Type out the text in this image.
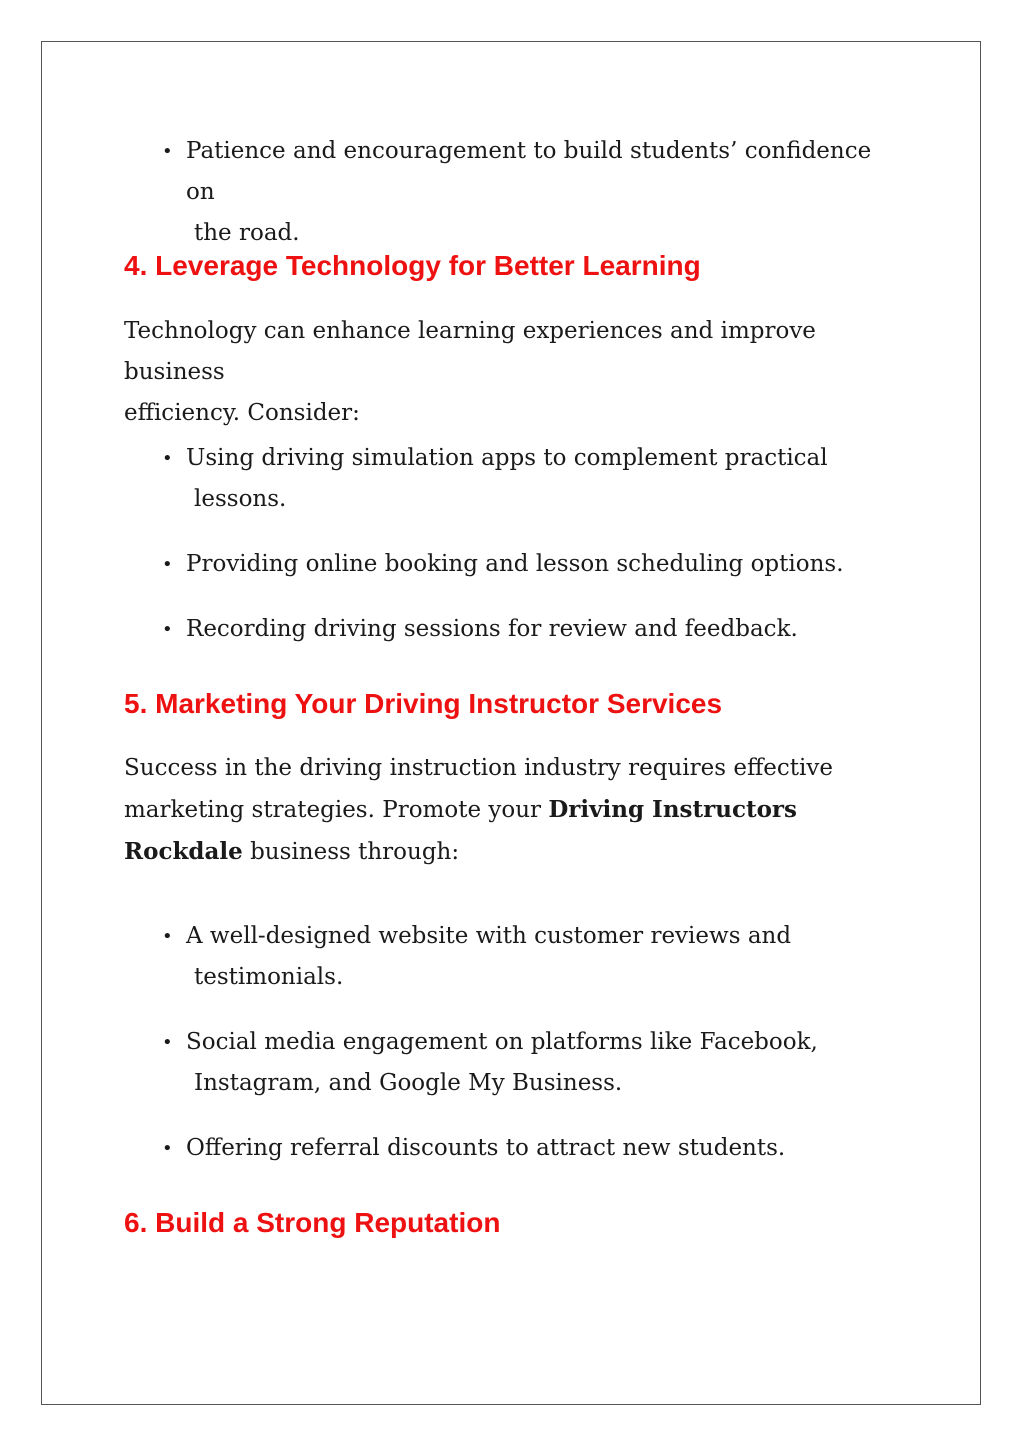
• Patience and encouragement to build students’ confidence on
the road.
4. Leverage Technology for Better Learning
Technology can enhance learning experiences and improve business
efficiency. Consider:
• Using driving simulation apps to complement practical
lessons.
• Providing online booking and lesson scheduling options.
• Recording driving sessions for review and feedback.
5. Marketing Your Driving Instructor Services
Success in the driving instruction industry requires effective
marketing strategies. Promote your Driving Instructors
Rockdale business through:
• A well-designed website with customer reviews and
testimonials.
• Social media engagement on platforms like Facebook,
Instagram, and Google My Business.
• Offering referral discounts to attract new students.
6. Build a Strong Reputation
